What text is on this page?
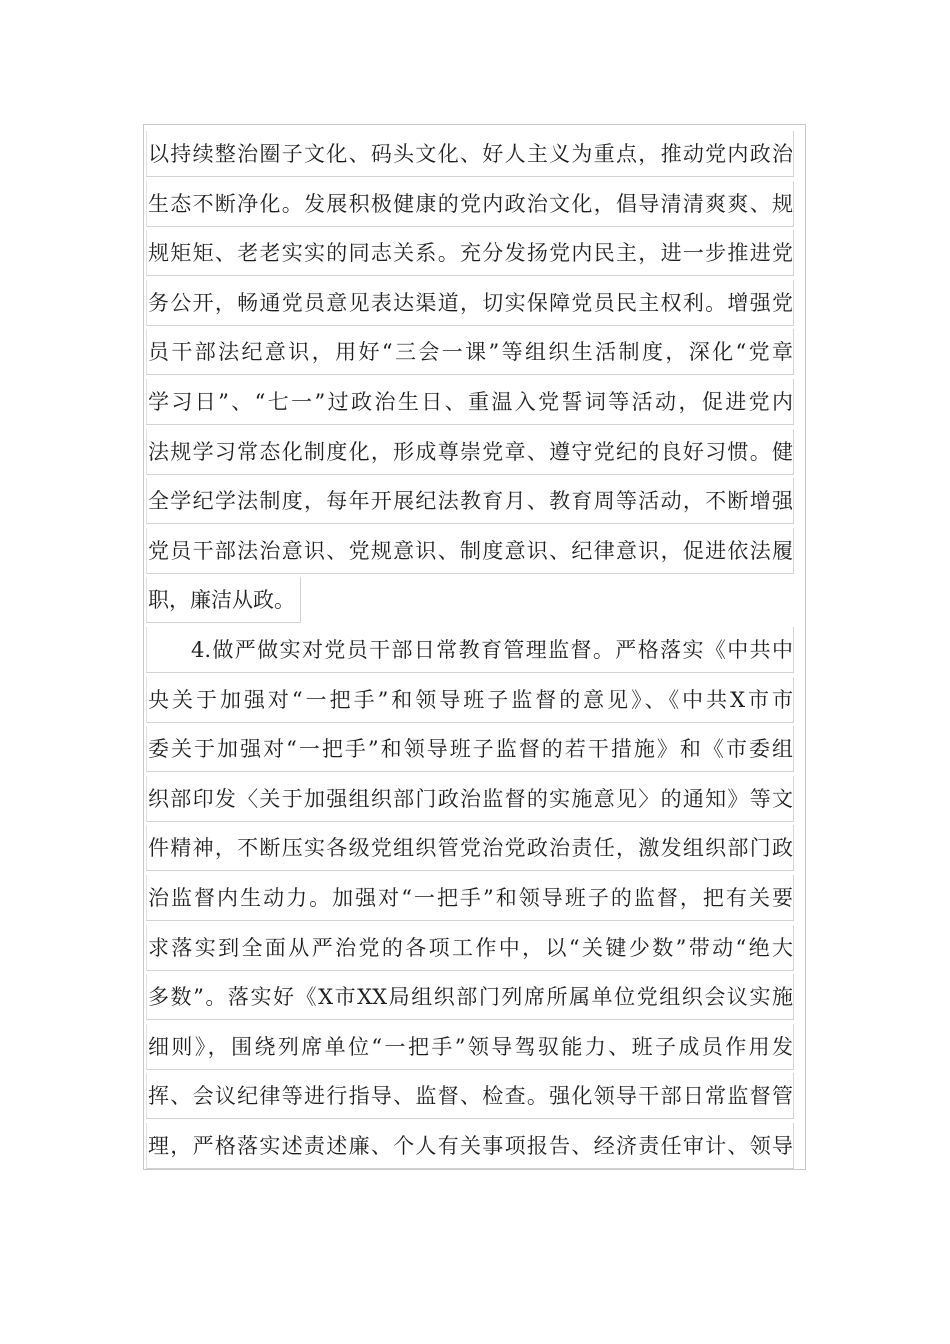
以持续整治圈子文化、码头文化、好人主义为重点，推动党内政治
生态不断净化。发展积极健康的党内政治文化，倡导清清爽爽、规
规矩矩、老老实实的同志关系。充分发扬党内民主，进一步推进党
务公开，畅通党员意见表达渠道，切实保障党员民主权利。增强党
员干部法纪意识，用好“三会一课”等组织生活制度，深化“党章
学习日”、“七一”过政治生日、重温入党誓词等活动，促进党内
法规学习常态化制度化，形成尊崇党章、遵守党纪的良好习惯。健
全学纪学法制度，每年开展纪法教育月、教育周等活动，不断增强
党员干部法治意识、党规意识、制度意识、纪律意识，促进依法履
职，廉洁从政。
4.做严做实对党员干部日常教育管理监督。严格落实《中共中
央关于加强对“一把手”和领导班子监督的意见》、《中共X市市
委关于加强对“一把手”和领导班子监督的若干措施》和《市委组
织部印发〈关于加强组织部门政治监督的实施意见〉的通知》等文
件精神，不断压实各级党组织管党治党政治责任，激发组织部门政
治监督内生动力。加强对“一把手”和领导班子的监督，把有关要
求落实到全面从严治党的各项工作中，以“关键少数”带动“绝大
多数”。落实好《X市XX局组织部门列席所属单位党组织会议实施
细则》，围绕列席单位“一把手”领导驾驭能力、班子成员作用发
挥、会议纪律等进行指导、监督、检查。强化领导干部日常监督管
理，严格落实述责述廉、个人有关事项报告、经济责任审计、领导
